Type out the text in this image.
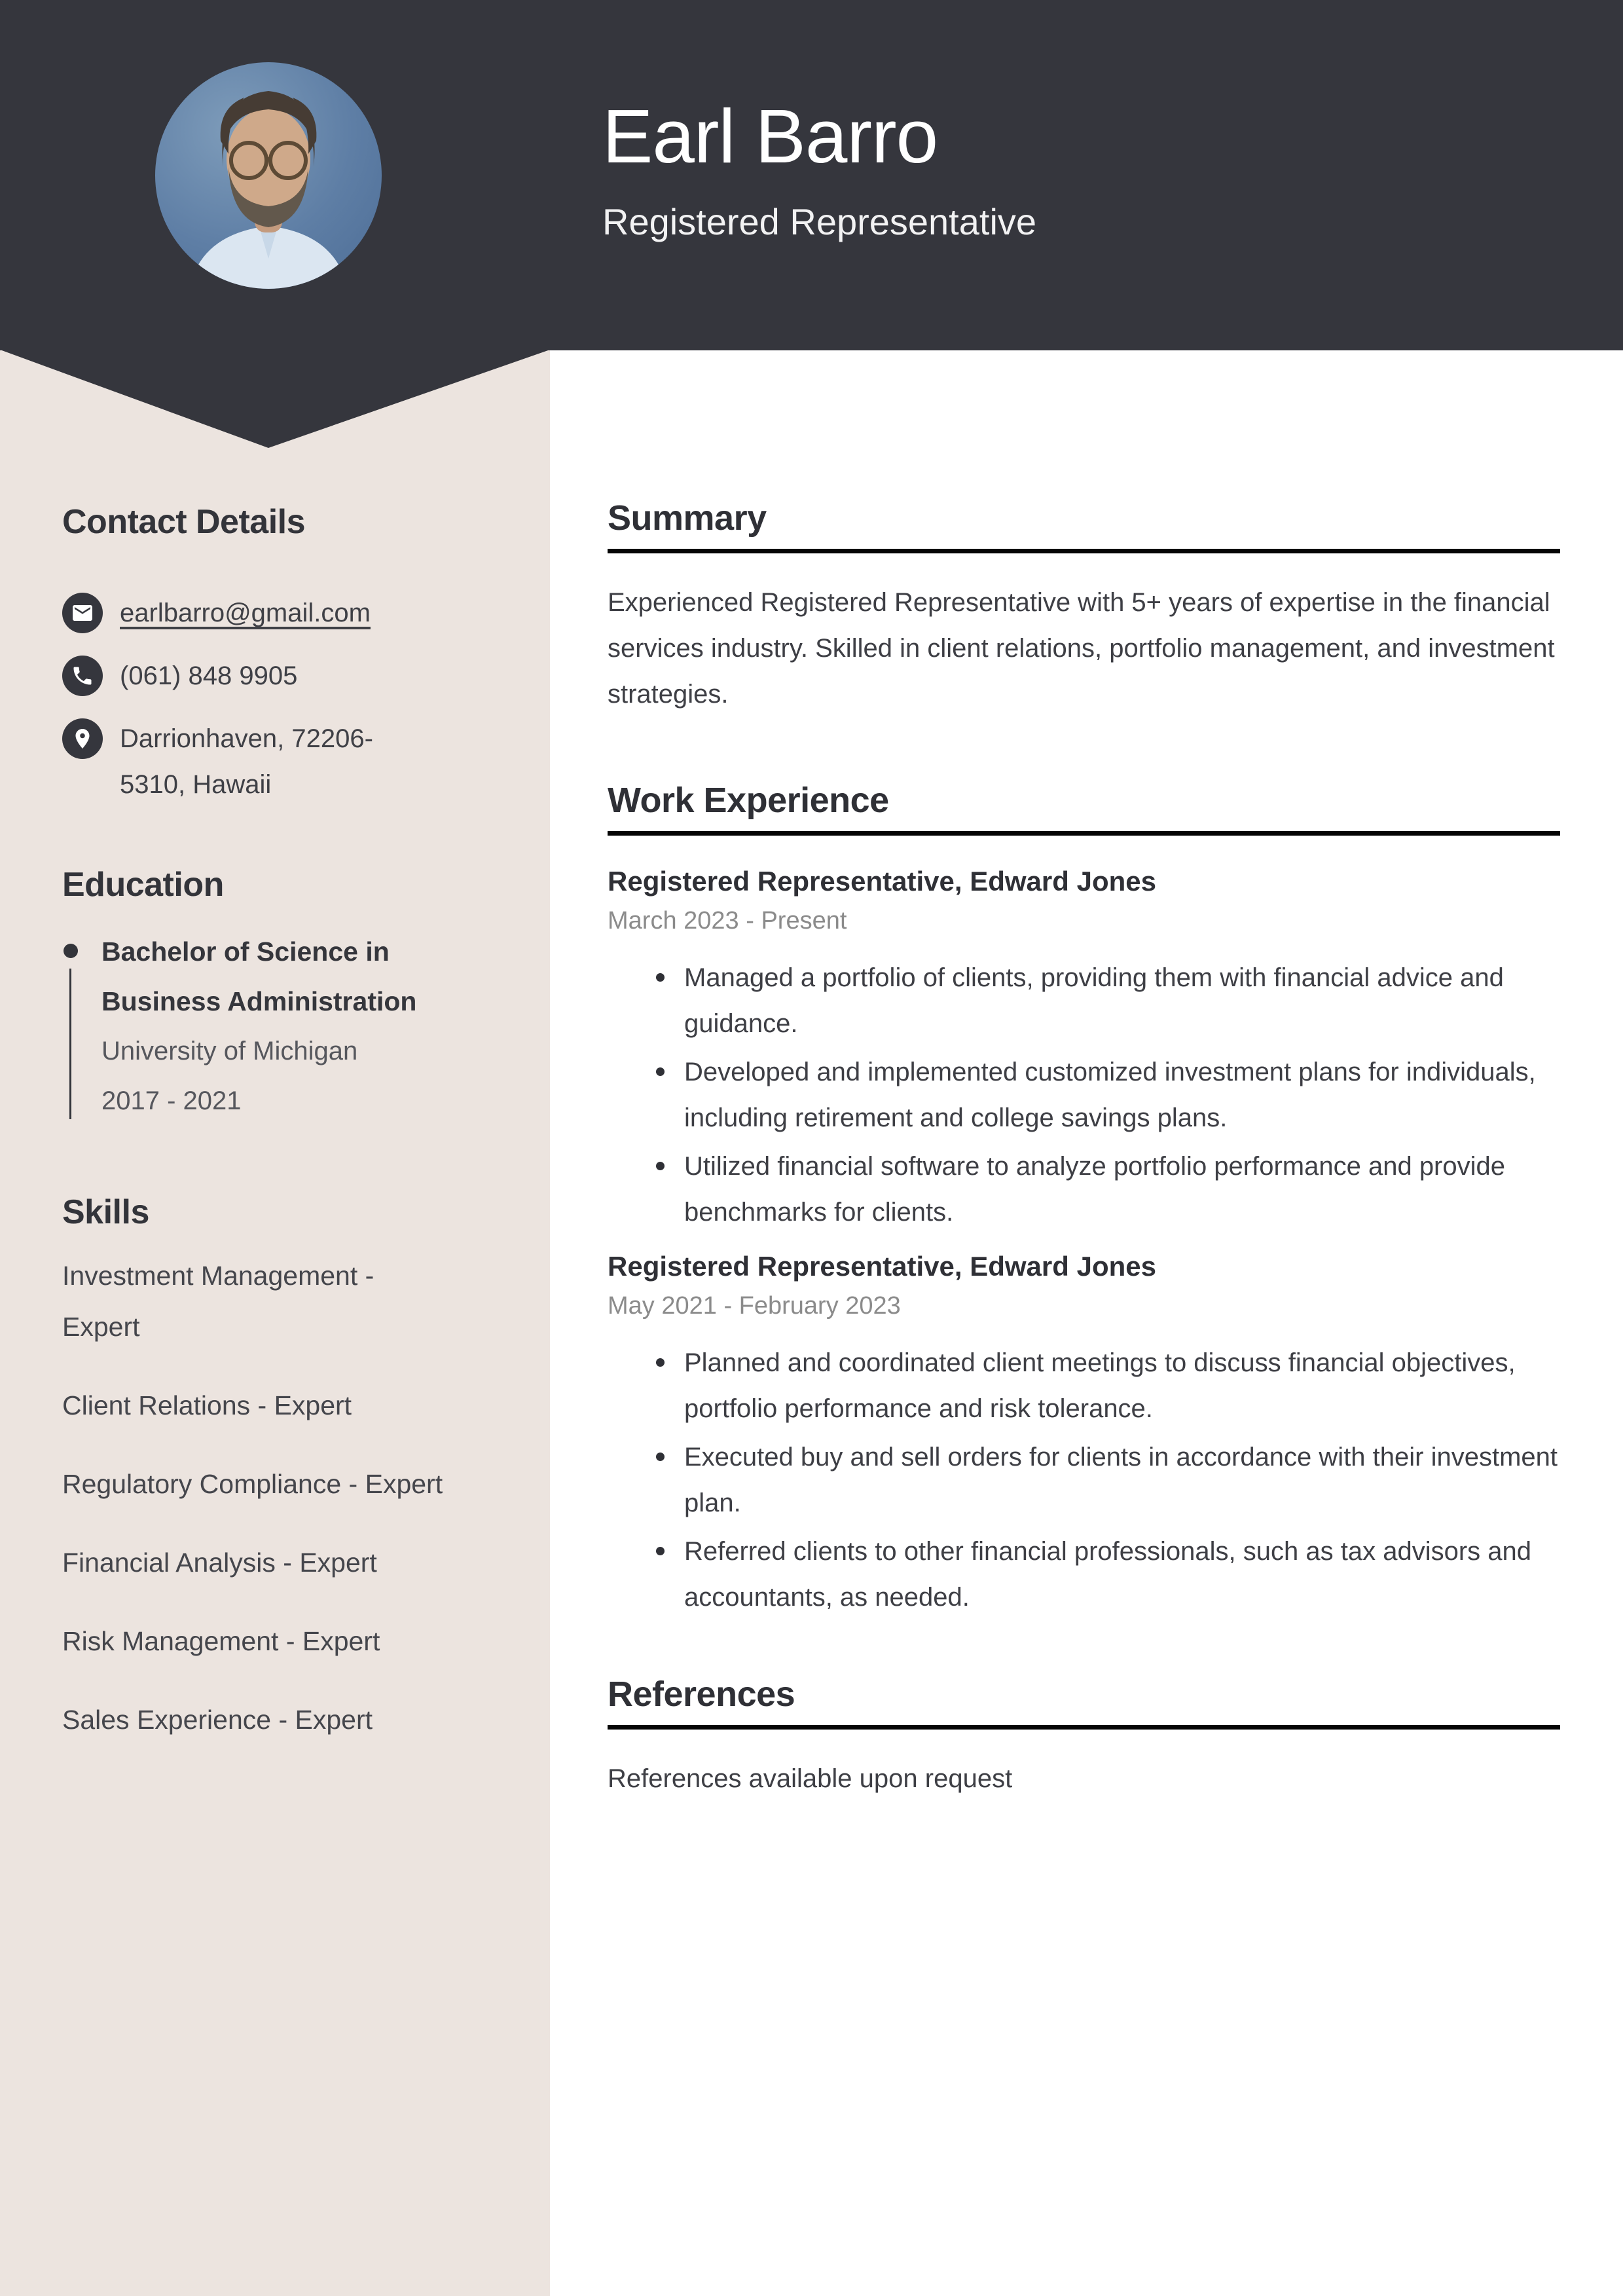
Earl Barro
Registered Representative
Contact Details
earlbarro@gmail.com
(061) 848 9905
Darrionhaven, 72206-5310, Hawaii
Education
Bachelor of Science in Business Administration
University of Michigan
2017 - 2021
Skills
Investment Management - Expert
Client Relations - Expert
Regulatory Compliance - Expert
Financial Analysis - Expert
Risk Management - Expert
Sales Experience - Expert
Summary

Experienced Registered Representative with 5+ years of expertise in the financial services industry. Skilled in client relations, portfolio management, and investment strategies.

Work Experience
Registered Representative, Edward Jones
March 2023 - Present
Managed a portfolio of clients, providing them with financial advice and guidance.
Developed and implemented customized investment plans for individuals, including retirement and college savings plans.
Utilized financial software to analyze portfolio performance and provide benchmarks for clients.
Registered Representative, Edward Jones
May 2021 - February 2023
Planned and coordinated client meetings to discuss financial objectives, portfolio performance and risk tolerance.
Executed buy and sell orders for clients in accordance with their investment plan.
Referred clients to other financial professionals, such as tax advisors and accountants, as needed.
References

References available upon request
